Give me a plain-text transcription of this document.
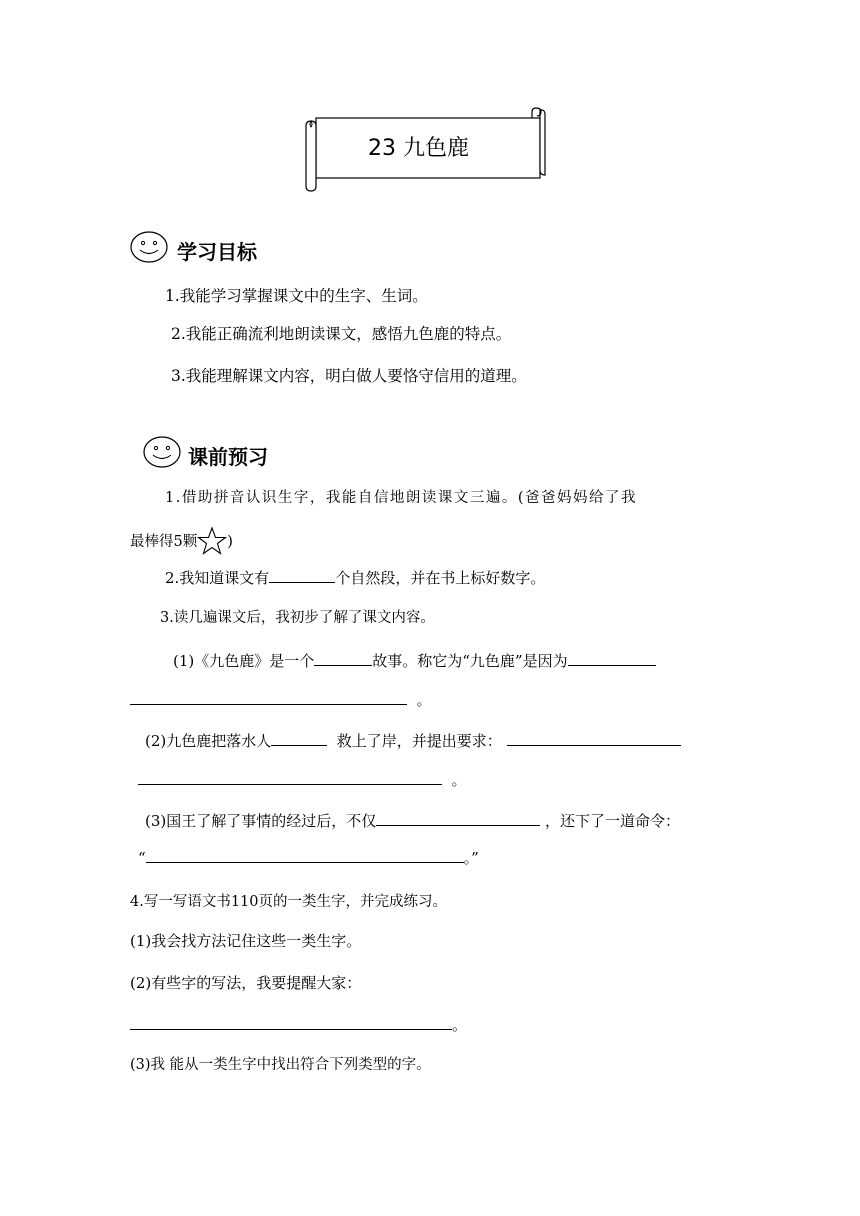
23 九色鹿
学习目标
1.我能学习掌握课文中的生字、生词。
2.我能正确流利地朗读课文，感悟九色鹿的特点。
3.我能理解课文内容，明白做人要恪守信用的道理。
课前预习
1.借助拼音认识生字，我能自信地朗读课文三遍。(爸爸妈妈给了我
最棒得5颗 )
2.我知道课文有	个自然段，并在书上标好数字。
3.读几遍课文后，我初步了解了课文内容。
(1)《九色鹿》是一个	故事。称它为“九色鹿”是因为
。
(2)九色鹿把落水人	救上了岸，并提出要求：
。
(3)国王了解了事情的经过后，不仅	，还下了一道命令：
“	。”
4.写一写语文书110页的一类生字，并完成练习。
(1)我会找方法记住这些一类生字。
(2)有些字的写法，我要提醒大家：
。
(3)我 能从一类生字中找出符合下列类型的字。
